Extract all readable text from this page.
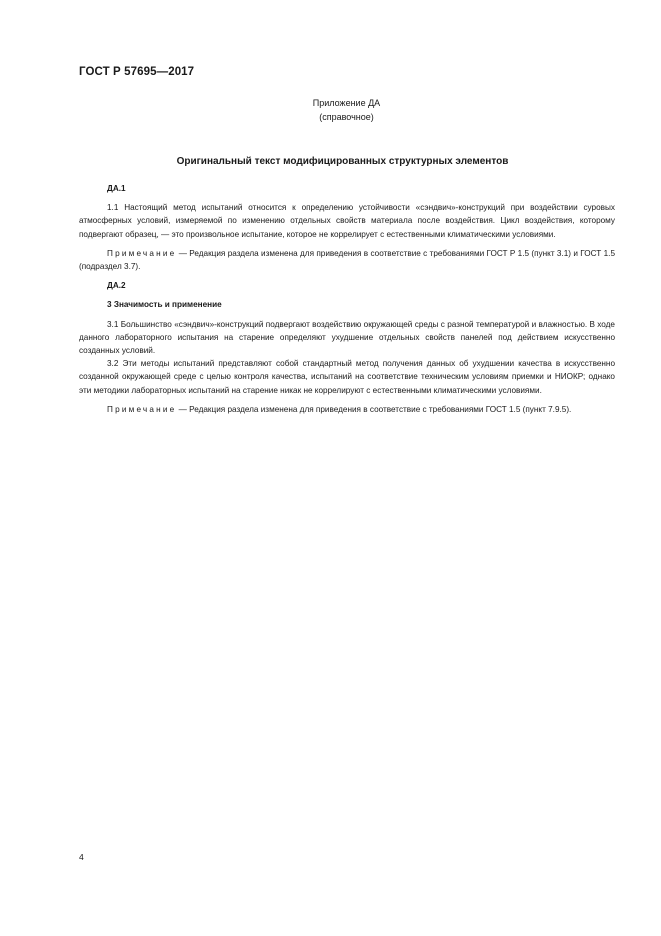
ГОСТ Р 57695—2017
Приложение ДА
(справочное)
Оригинальный текст модифицированных структурных элементов
ДА.1

1.1 Настоящий метод испытаний относится к определению устойчивости «сэндвич»-конструкций при воздействии суровых атмосферных условий, измеряемой по изменению отдельных свойств материала после воздействия. Цикл воздействия, которому подвергают образец, — это произвольное испытание, которое не коррелирует с естественными климатическими условиями.

Примечание — Редакция раздела изменена для приведения в соответствие с требованиями ГОСТ Р 1.5 (пункт 3.1) и ГОСТ 1.5 (подраздел 3.7).

ДА.2
3 Значимость и применение

3.1 Большинство «сэндвич»-конструкций подвергают воздействию окружающей среды с разной температурой и влажностью. В ходе данного лабораторного испытания на старение определяют ухудшение отдельных свойств панелей под действием искусственно созданных условий.

3.2 Эти методы испытаний представляют собой стандартный метод получения данных об ухудшении качества в искусственно созданной окружающей среде с целью контроля качества, испытаний на соответствие техническим условиям приемки и НИОКР; однако эти методики лабораторных испытаний на старение никак не коррелируют с естественными климатическими условиями.

Примечание — Редакция раздела изменена для приведения в соответствие с требованиями ГОСТ 1.5 (пункт 7.9.5).

4
